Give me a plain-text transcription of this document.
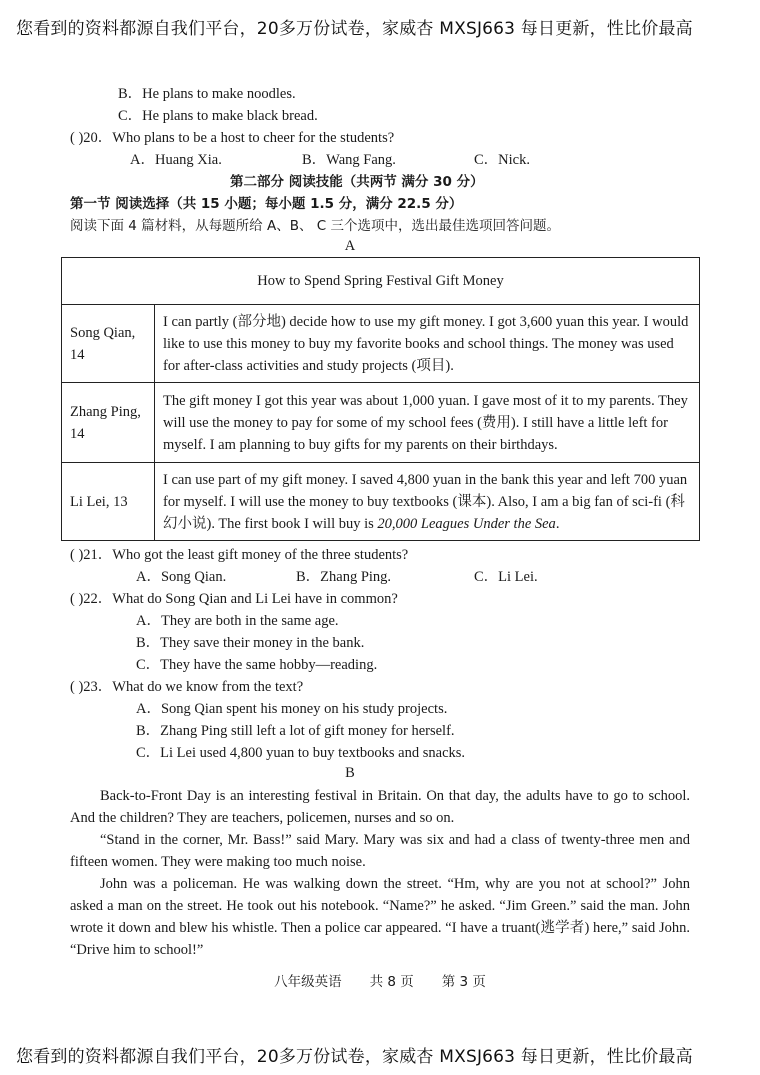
您看到的资料都源自我们平台，20多万份试卷，家威杏 MXSJ663 每日更新，性比价最高
B．He plans to make noodles.
C．He plans to make black bread.
( )20．Who plans to be a host to cheer for the students?
A．Huang Xia.	B．Wang Fang.	C．Nick.
第二部分 阅读技能（共两节 满分 30 分）
第一节 阅读选择（共 15 小题；每小题 1.5 分，满分 22.5 分）
阅读下面 4 篇材料，从每题所给 A、B、 C 三个选项中，选出最佳选项回答问题。
A
How to Spend Spring Festival Gift Money	
Song Qian, 14	I can partly (部分地) decide how to use my gift money. I got 3,600 yuan this year. I would like to use this money to buy my favorite books and school things. The money was used for after-class activities and study projects (项目).
Zhang Ping, 14	The gift money I got this year was about 1,000 yuan. I gave most of it to my parents. They will use the money to pay for some of my school fees (费用). I still have a little left for myself. I am planning to buy gifts for my parents on their birthdays.
Li Lei, 13	I can use part of my gift money. I saved 4,800 yuan in the bank this year and left 700 yuan for myself. I will use the money to buy textbooks (课本). Also, I am a big fan of sci-fi (科幻小说). The first book I will buy is 20,000 Leagues Under the Sea.
( )21．Who got the least gift money of the three students?
A．Song Qian.	B．Zhang Ping.	C．Li Lei.
( )22．What do Song Qian and Li Lei have in common?
A．They are both in the same age.
B．They save their money in the bank.
C．They have the same hobby—reading.
( )23．What do we know from the text?
A．Song Qian spent his money on his study projects.
B．Zhang Ping still left a lot of gift money for herself.
C．Li Lei used 4,800 yuan to buy textbooks and snacks.
B

Back-to-Front Day is an interesting festival in Britain. On that day, the adults have to go to school. And the children? They are teachers, policemen, nurses and so on.

“Stand in the corner, Mr. Bass!” said Mary. Mary was six and had a class of twenty-three men and fifteen women. They were making too much noise.

John was a policeman. He was walking down the street. “Hm, why are you not at school?” John asked a man on the street. He took out his notebook. “Name?” he asked. “Jim Green.” said the man. John wrote it down and blew his whistle. Then a police car appeared. “I have a truant(逃学者) here,” said John. “Drive him to school!”

八年级英语 共 8 页 第 3 页
您看到的资料都源自我们平台，20多万份试卷，家威杏 MXSJ663 每日更新，性比价最高
